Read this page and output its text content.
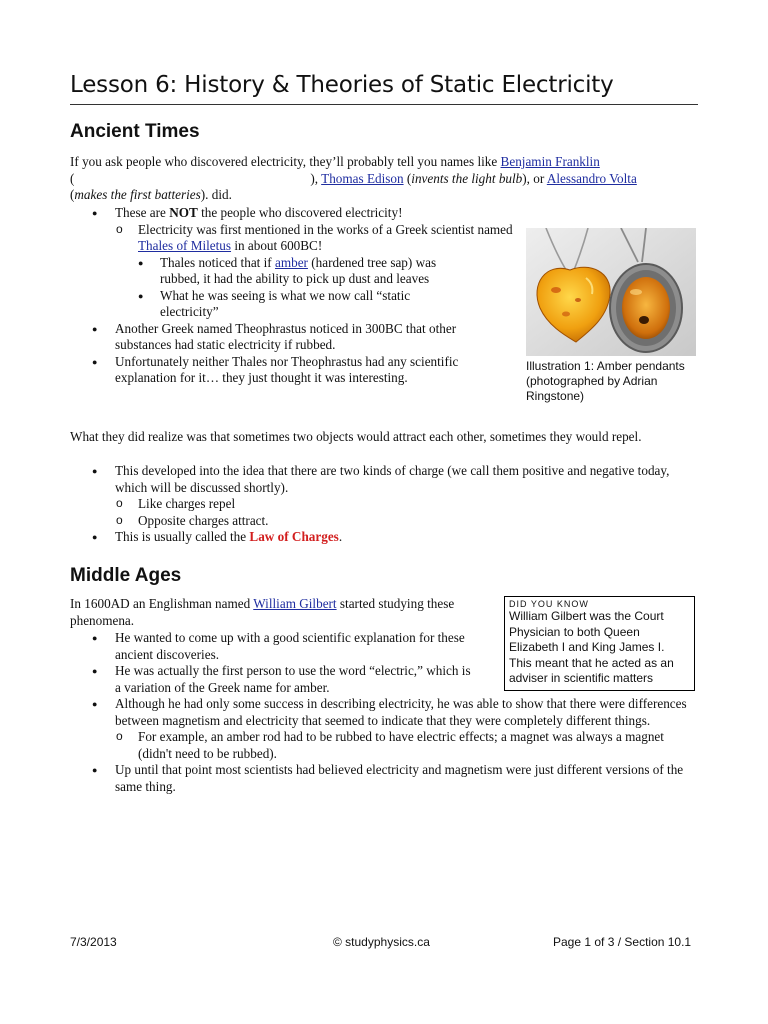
Lesson 6: History & Theories of Static Electricity
Ancient Times

If you ask people who discovered electricity, they’ll probably tell you names like Benjamin Franklin
(	), Thomas Edison (invents the light bulb), or Alessandro Volta
(makes the first batteries). did.

● These are NOT the people who discovered electricity!
o Electricity was first mentioned in the works of a Greek scientist named Thales of Miletus in about 600BC!
● Thales noticed that if amber (hardened tree sap) was rubbed, it had the ability to pick up dust and leaves
● What he was seeing is what we now call “static electricity”
● Another Greek named Theophrastus noticed in 300BC that other substances had static electricity if rubbed.
● Unfortunately neither Thales nor Theophrastus had any scientific explanation for it… they just thought it was interesting.

Illustration 1: Amber pendants (photographed by Adrian Ringstone)

What they did realize was that sometimes two objects would attract each other, sometimes they would repel.

● This developed into the idea that there are two kinds of charge (we call them positive and negative today, which will be discussed shortly).
o Like charges repel
o Opposite charges attract.
● This is usually called the Law of Charges.
Middle Ages

In 1600AD an Englishman named William Gilbert started studying these phenomena.

DID YOU KNOW
William Gilbert was the Court Physician to both Queen Elizabeth I and King James I. This meant that he acted as an adviser in scientific matters
● He wanted to come up with a good scientific explanation for these ancient discoveries.
● He was actually the first person to use the word “electric,” which is a variation of the Greek name for amber.
● Although he had only some success in describing electricity, he was able to show that there were differences between magnetism and electricity that seemed to indicate that they were completely different things.
o For example, an amber rod had to be rubbed to have electric effects; a magnet was always a magnet (didn't need to be rubbed).
● Up until that point most scientists had believed electricity and magnetism were just different versions of the same thing.
7/3/2013	© studyphysics.ca	Page 1 of 3 / Section 10.1
